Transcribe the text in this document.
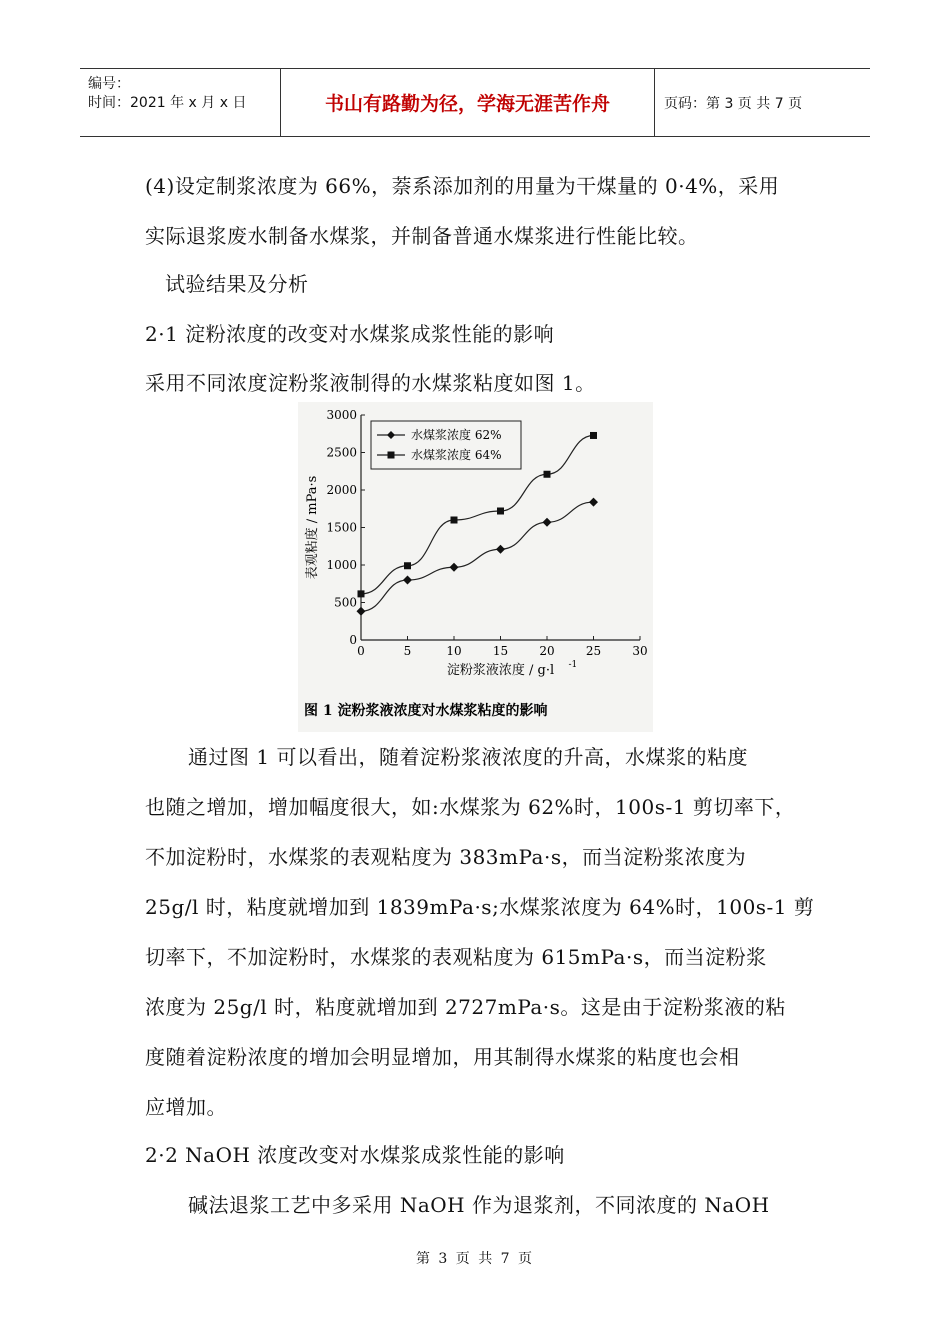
编号：
时间：2021 年 x 月 x 日	书山有路勤为径，学海无涯苦作舟	页码：第 3 页 共 7 页
(4)设定制浆浓度为 66%，萘系添加剂的用量为干煤量的 0·4%，采用
实际退浆废水制备水煤浆，并制备普通水煤浆进行性能比较。
试验结果及分析
2·1 淀粉浓度的改变对水煤浆成浆性能的影响
采用不同浓度淀粉浆液制得的水煤浆粘度如图 1。
0	5	10	15	20	25	30
0
500
1000
1500
2000
2500
3000
淀粉浆液浓度 / g·l -1
表观粘度 / mPa·s
水煤浆浓度 62%
水煤浆浓度 64%
图 1 淀粉浆液浓度对水煤浆粘度的影响
通过图 1 可以看出，随着淀粉浆液浓度的升高，水煤浆的粘度
也随之增加，增加幅度很大，如:水煤浆为 62%时，100s-1 剪切率下，
不加淀粉时，水煤浆的表观粘度为 383mPa·s，而当淀粉浆浓度为
25g/l 时，粘度就增加到 1839mPa·s;水煤浆浓度为 64%时，100s-1 剪
切率下，不加淀粉时，水煤浆的表观粘度为 615mPa·s，而当淀粉浆
浓度为 25g/l 时，粘度就增加到 2727mPa·s。这是由于淀粉浆液的粘
度随着淀粉浓度的增加会明显增加，用其制得水煤浆的粘度也会相
应增加。
2·2 NaOH 浓度改变对水煤浆成浆性能的影响
碱法退浆工艺中多采用 NaOH 作为退浆剂，不同浓度的 NaOH
第 3 页 共 7 页
